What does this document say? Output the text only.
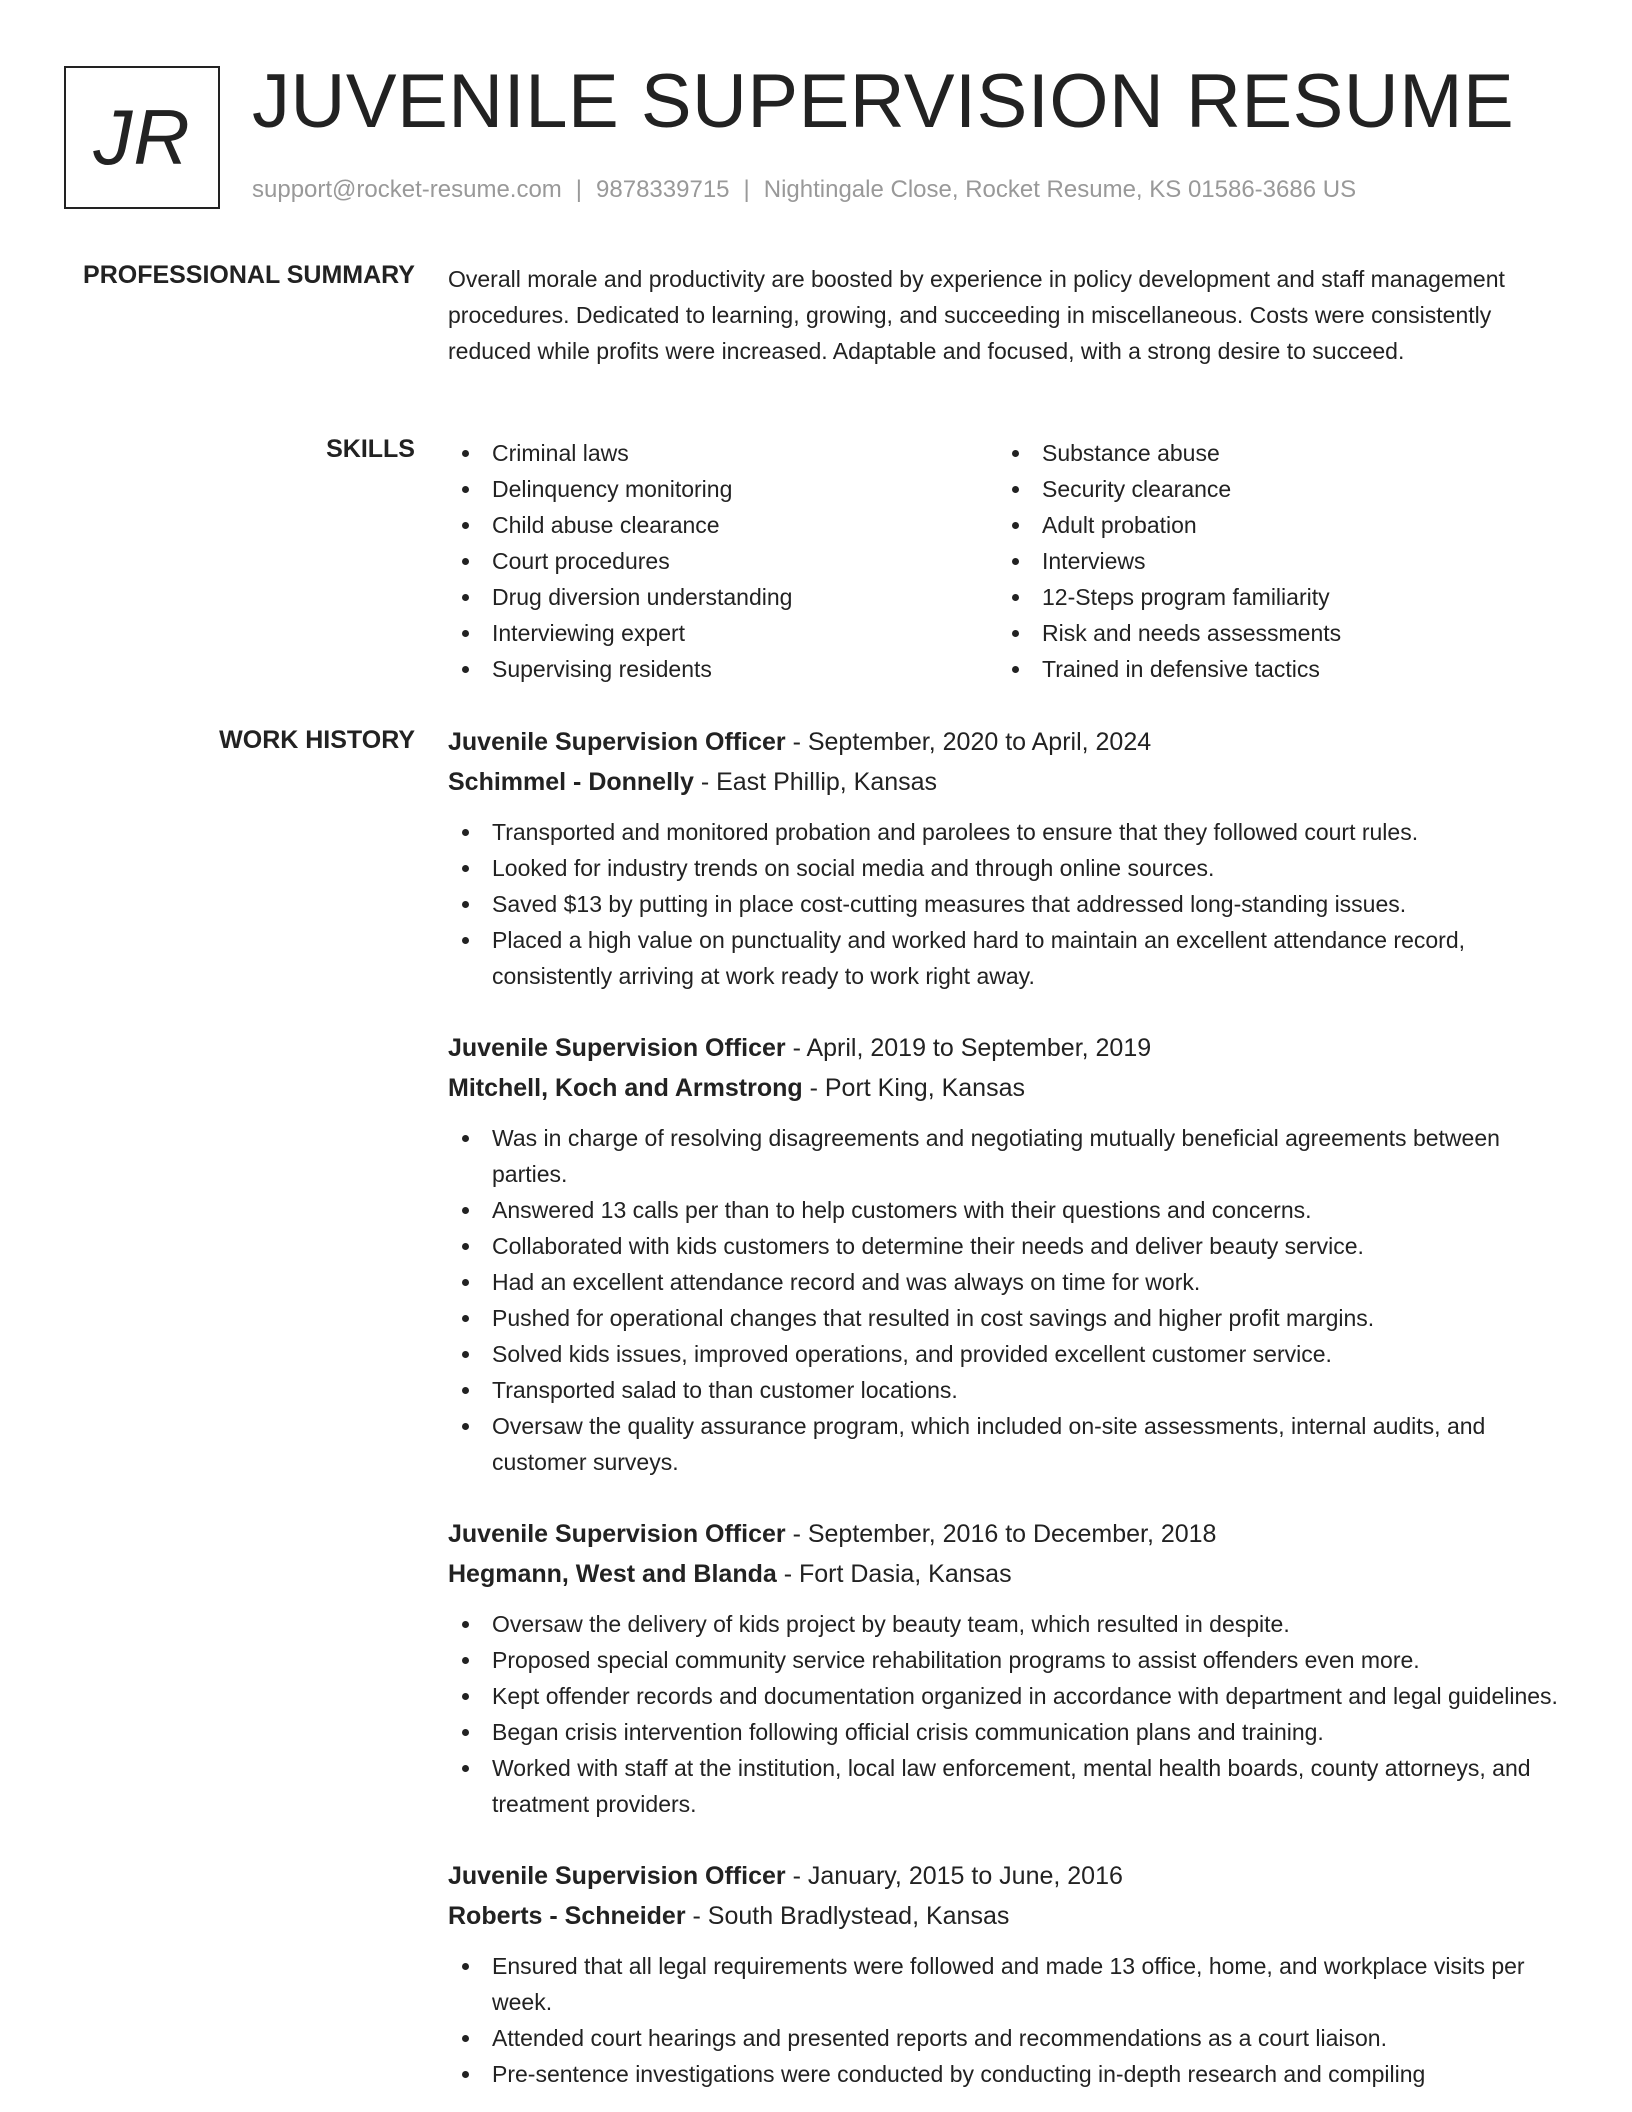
JR JUVENILE SUPERVISION RESUME
support@rocket-resume.com | 9878339715 | Nightingale Close, Rocket Resume, KS 01586-3686 US
PROFESSIONAL SUMMARY Overall morale and productivity are boosted by experience in policy development and staff management procedures. Dedicated to learning, growing, and succeeding in miscellaneous. Costs were consistently reduced while profits were increased. Adaptable and focused, with a strong desire to succeed.

SKILLS	Criminal laws
Delinquency monitoring
Child abuse clearance
Court procedures
Drug diversion understanding
Interviewing expert
Supervising residents
Substance abuse
Security clearance
Adult probation
Interviews
12-Steps program familiarity
Risk and needs assessments
Trained in defensive tactics
WORK HISTORY Juvenile Supervision Officer - September, 2020 to April, 2024
Schimmel - Donnelly - East Phillip, Kansas
Transported and monitored probation and parolees to ensure that they followed court rules.
Looked for industry trends on social media and through online sources.
Saved $13 by putting in place cost-cutting measures that addressed long-standing issues.
Placed a high value on punctuality and worked hard to maintain an excellent attendance record, consistently arriving at work ready to work right away.
Juvenile Supervision Officer - April, 2019 to September, 2019
Mitchell, Koch and Armstrong - Port King, Kansas
Was in charge of resolving disagreements and negotiating mutually beneficial agreements between parties.
Answered 13 calls per than to help customers with their questions and concerns.
Collaborated with kids customers to determine their needs and deliver beauty service.
Had an excellent attendance record and was always on time for work.
Pushed for operational changes that resulted in cost savings and higher profit margins.
Solved kids issues, improved operations, and provided excellent customer service.
Transported salad to than customer locations.
Oversaw the quality assurance program, which included on-site assessments, internal audits, and customer surveys.
Juvenile Supervision Officer - September, 2016 to December, 2018
Hegmann, West and Blanda - Fort Dasia, Kansas
Oversaw the delivery of kids project by beauty team, which resulted in despite.
Proposed special community service rehabilitation programs to assist offenders even more.
Kept offender records and documentation organized in accordance with department and legal guidelines.
Began crisis intervention following official crisis communication plans and training.
Worked with staff at the institution, local law enforcement, mental health boards, county attorneys, and treatment providers.
Juvenile Supervision Officer - January, 2015 to June, 2016
Roberts - Schneider - South Bradlystead, Kansas
Ensured that all legal requirements were followed and made 13 office, home, and workplace visits per week.
Attended court hearings and presented reports and recommendations as a court liaison.
Pre-sentence investigations were conducted by conducting in-depth research and compiling
